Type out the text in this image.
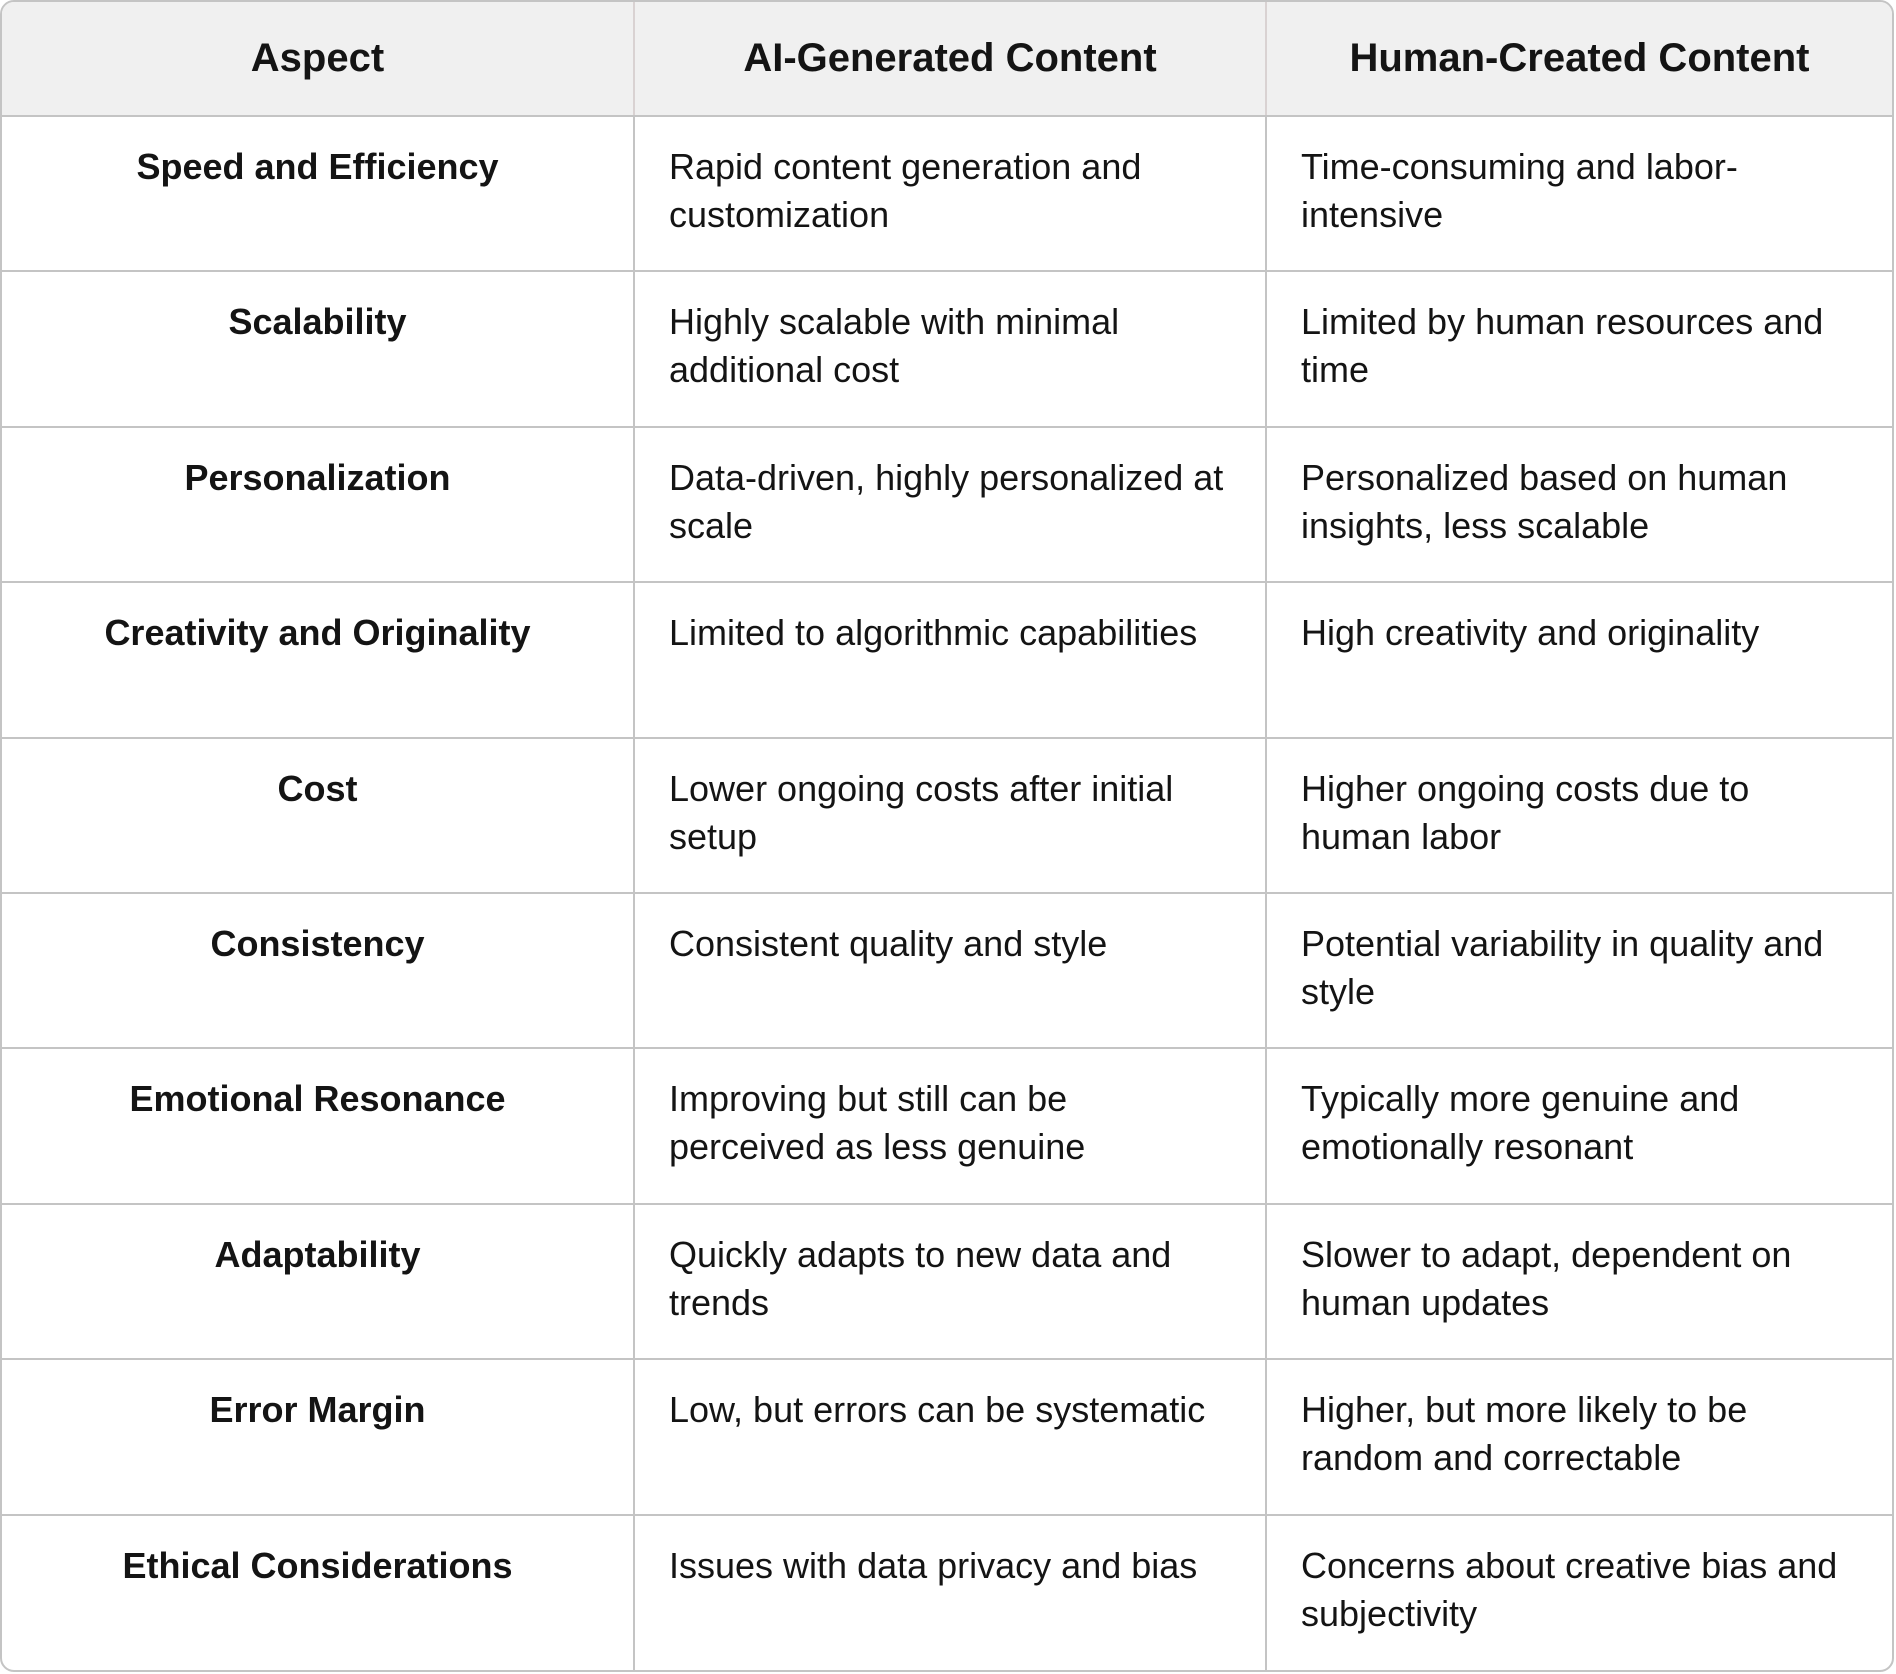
Aspect	AI-Generated Content	Human-Created Content
Speed and Efficiency	Rapid content generation and customization	Time-consuming and labor-intensive
Scalability	Highly scalable with minimal additional cost	Limited by human resources and time
Personalization	Data-driven, highly personalized at scale	Personalized based on human insights, less scalable
Creativity and Originality	Limited to algorithmic capabilities	High creativity and originality
Cost	Lower ongoing costs after initial setup	Higher ongoing costs due to human labor
Consistency	Consistent quality and style	Potential variability in quality and style
Emotional Resonance	Improving but still can be perceived as less genuine	Typically more genuine and emotionally resonant
Adaptability	Quickly adapts to new data and trends	Slower to adapt, dependent on human updates
Error Margin	Low, but errors can be systematic	Higher, but more likely to be random and correctable
Ethical Considerations	Issues with data privacy and bias	Concerns about creative bias and subjectivity
